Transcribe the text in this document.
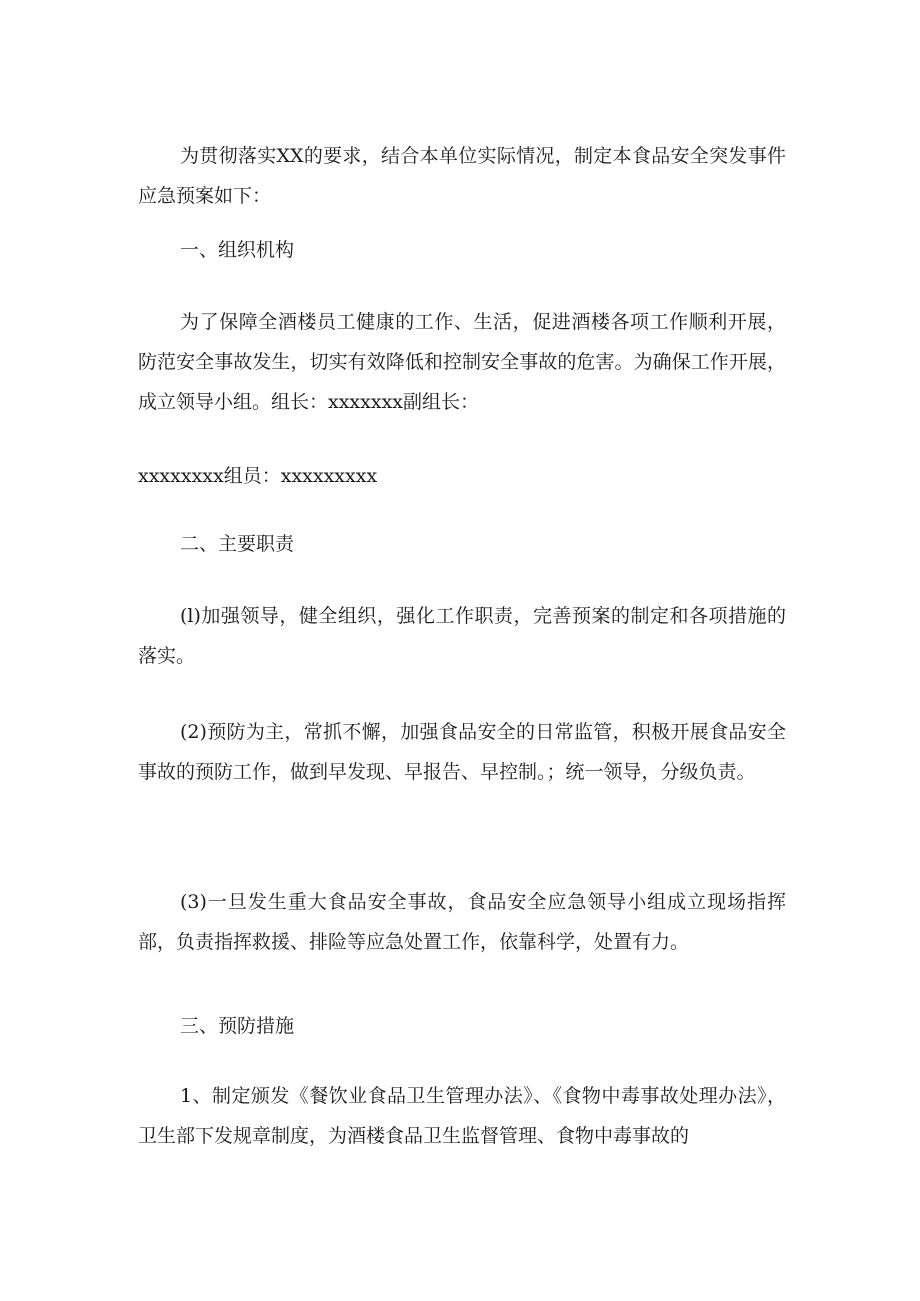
为贯彻落实XX的要求，结合本单位实际情况，制定本食品安全突发事件应急预案如下：

一、组织机构

为了保障全酒楼员工健康的工作、生活，促进酒楼各项工作顺利开展，防范安全事故发生，切实有效降低和控制安全事故的危害。为确保工作开展，成立领导小组。组长：xxxxxxx副组长：

xxxxxxxx组员：xxxxxxxxx

二、主要职责

(l)加强领导，健全组织，强化工作职责，完善预案的制定和各项措施的落实。

(2)预防为主，常抓不懈，加强食品安全的日常监管，积极开展食品安全事故的预防工作，做到早发现、早报告、早控制。；统一领导，分级负责。

(3)一旦发生重大食品安全事故，食品安全应急领导小组成立现场指挥部，负责指挥救援、排险等应急处置工作，依靠科学，处置有力。

三、预防措施

1、制定颁发《餐饮业食品卫生管理办法》、《食物中毒事故处理办法》，卫生部下发规章制度，为酒楼食品卫生监督管理、食物中毒事故的
